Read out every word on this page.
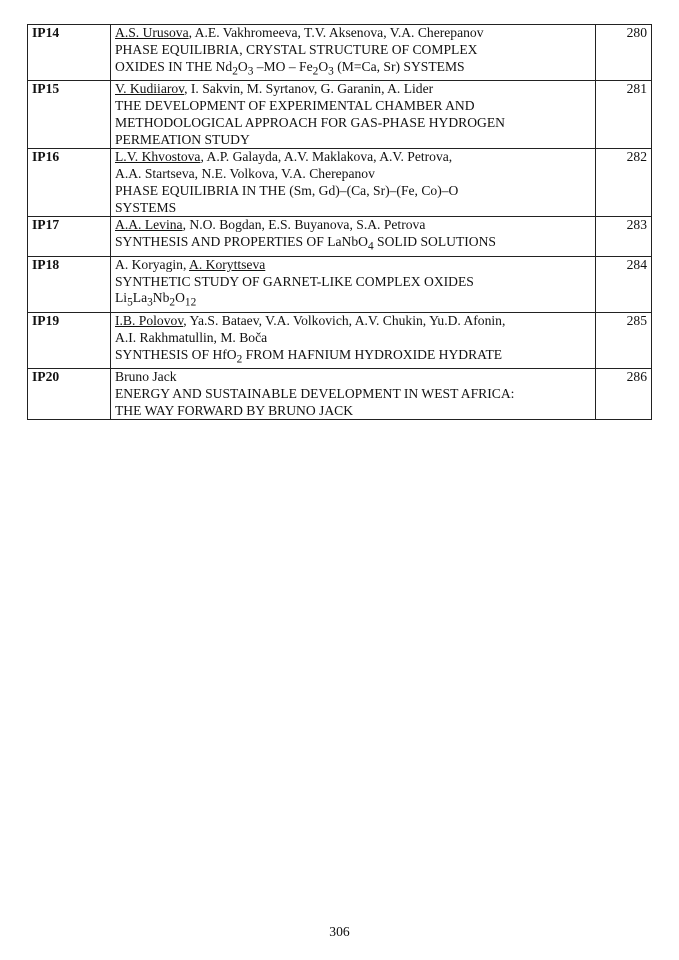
IP14	A.S. Urusova, A.E. Vakhromeeva, T.V. Aksenova, V.A. Cherepanov
PHASE EQUILIBRIA, CRYSTAL STRUCTURE OF COMPLEX
OXIDES IN THE $Nd_2O_3$ $-MO - Fe_2O_3$ (M=Ca, Sr) SYSTEMS	280
IP15	V. Kudiiarov, I. Sakvin, M. Syrtanov, G. Garanin, A. Lider
THE DEVELOPMENT OF EXPERIMENTAL CHAMBER AND
METHODOLOGICAL APPROACH FOR GAS-PHASE HYDROGEN
PERMEATION STUDY	281
IP16	L.V. Khvostova, A.P. Galayda, A.V. Maklakova, A.V. Petrova,
A.A. Startseva, N.E. Volkova, V.A. Cherepanov
PHASE EQUILIBRIA IN THE (Sm, Gd)–(Ca, Sr)–(Fe, Co)–O
SYSTEMS	282
IP17	A.A. Levina, N.O. Bogdan, E.S. Buyanova, S.A. Petrova
SYNTHESIS AND PROPERTIES OF LaNbO$_4$ SOLID SOLUTIONS	283
IP18	A. Koryagin, A. Koryttseva
SYNTHETIC STUDY OF GARNET-LIKE COMPLEX OXIDES
$Li_5La_3Nb_2O_{12}$	284
IP19	I.B. Polovov, Ya.S. Bataev, V.A. Volkovich, A.V. Chukin, Yu.D. Afonin,
A.I. Rakhmatullin, M. Boča
SYNTHESIS OF HfO$_2$ FROM HAFNIUM HYDROXIDE HYDRATE	285
IP20	Bruno Jack
ENERGY AND SUSTAINABLE DEVELOPMENT IN WEST AFRICA:
THE WAY FORWARD BY BRUNO JACK	286
306
